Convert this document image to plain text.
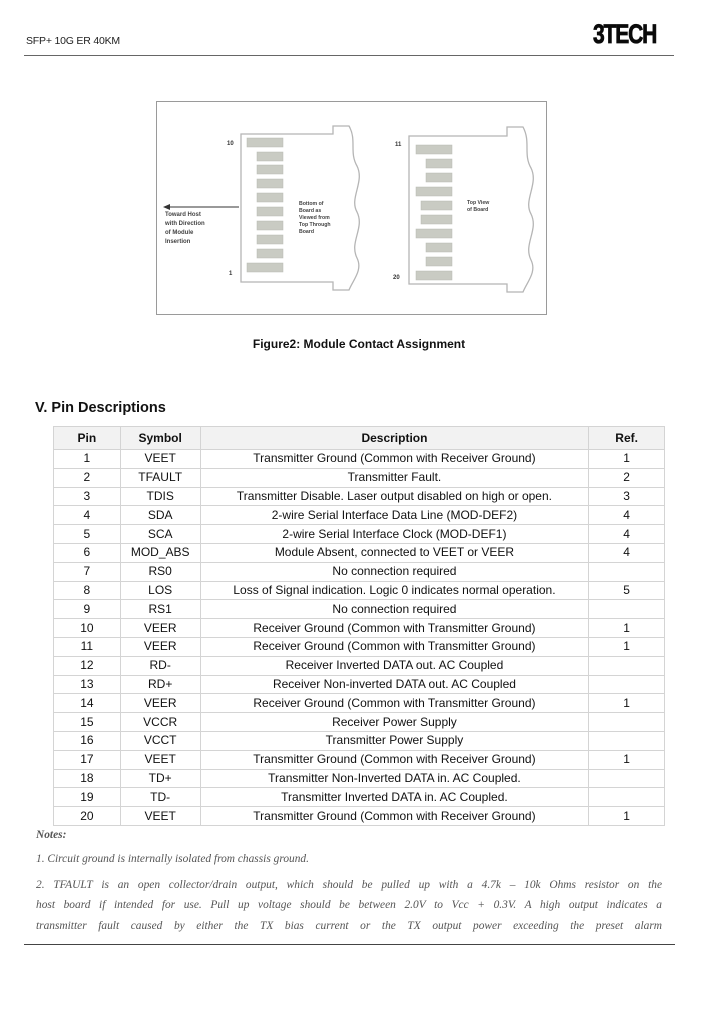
SFP+ 10G ER 40KM	3TECH
10
1
Bottom of
Board as
Viewed from
Top Through
Board
Toward Host
with Direction
of Module
Insertion
11
20
Top View
of Board
Figure2: Module Contact Assignment
V. Pin Descriptions
Pin	Symbol	Description	Ref.
1	VEET	Transmitter Ground (Common with Receiver Ground)	1
2	TFAULT	Transmitter Fault.	2
3	TDIS	Transmitter Disable. Laser output disabled on high or open.	3
4	SDA	2-wire Serial Interface Data Line (MOD-DEF2)	4
5	SCA	2-wire Serial Interface Clock (MOD-DEF1)	4
6	MOD_ABS	Module Absent, connected to VEET or VEER	4
7	RS0	No connection required	
8	LOS	Loss of Signal indication. Logic 0 indicates normal operation.	5
9	RS1	No connection required	
10	VEER	Receiver Ground (Common with Transmitter Ground)	1
11	VEER	Receiver Ground (Common with Transmitter Ground)	1
12	RD-	Receiver Inverted DATA out. AC Coupled	
13	RD+	Receiver Non-inverted DATA out. AC Coupled	
14	VEER	Receiver Ground (Common with Transmitter Ground)	1
15	VCCR	Receiver Power Supply	
16	VCCT	Transmitter Power Supply	
17	VEET	Transmitter Ground (Common with Receiver Ground)	1
18	TD+	Transmitter Non-Inverted DATA in. AC Coupled.	
19	TD-	Transmitter Inverted DATA in. AC Coupled.	
20	VEET	Transmitter Ground (Common with Receiver Ground)	1
Notes:

1. Circuit ground is internally isolated from chassis ground.

2. TFAULT is an open collector/drain output, which should be pulled up with a 4.7k – 10k Ohms resistor on the

host board if intended for use. Pull up voltage should be between 2.0V to Vcc + 0.3V. A high output indicates a

transmitter fault caused by either the TX bias current or the TX output power exceeding the preset alarm
